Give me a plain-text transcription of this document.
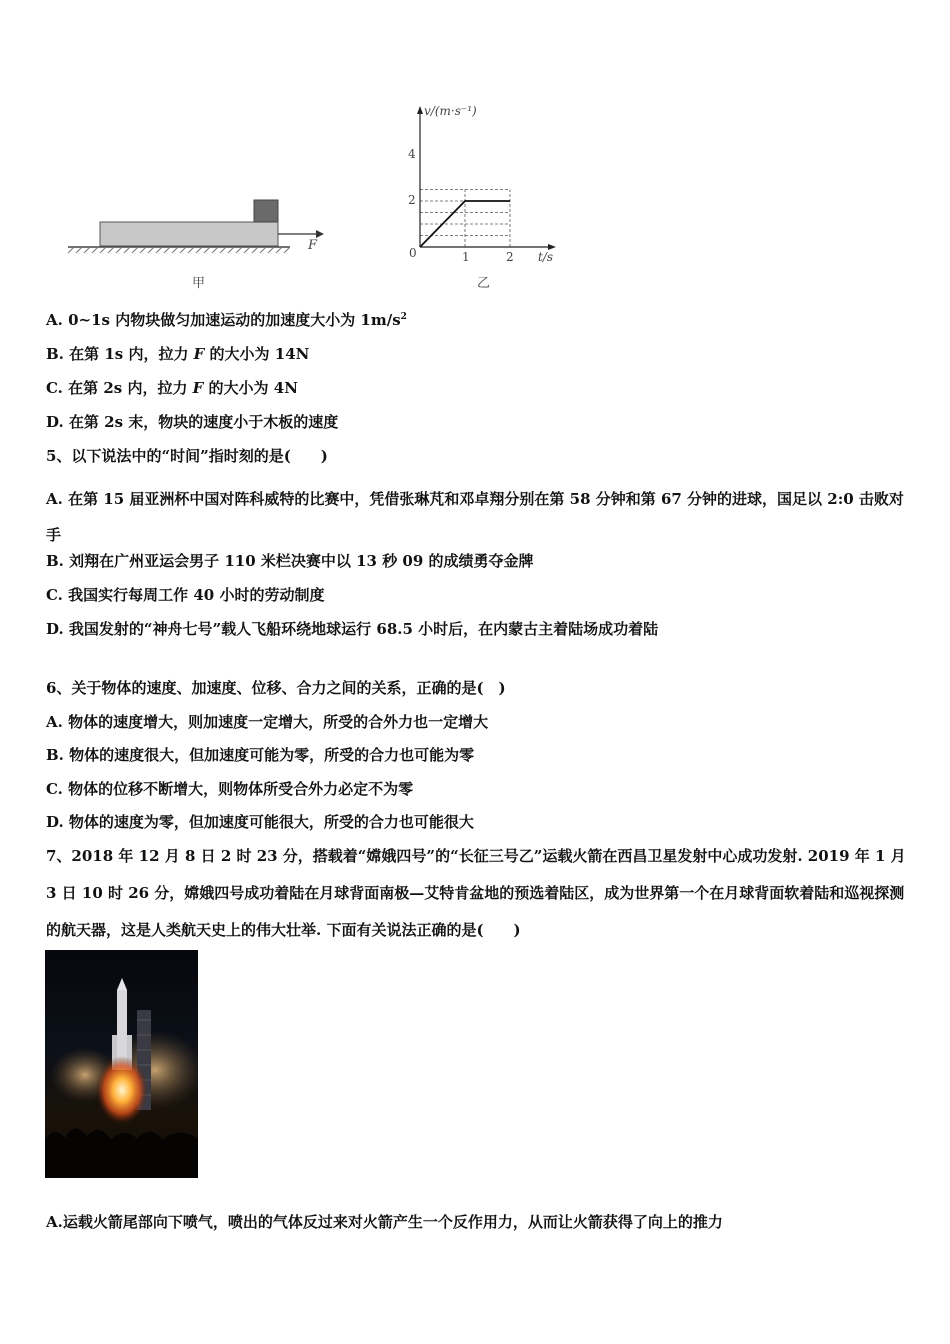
F
甲
v/(m·s⁻¹)
t/s
0
2
4
1	2
乙
A. 0~1s 内物块做匀加速运动的加速度大小为 $1m/s^2$
B. 在第 1s 内，拉力 F 的大小为 14N
C. 在第 2s 内，拉力 F 的大小为 4N
D. 在第 2s 末，物块的速度小于木板的速度
5、以下说法中的“时间”指时刻的是(　　)
A. 在第 15 届亚洲杯中国对阵科威特的比赛中，凭借张琳芃和邓卓翔分别在第 58 分钟和第 67 分钟的进球，国足以 2:0 击败对手
B. 刘翔在广州亚运会男子 110 米栏决赛中以 13 秒 09 的成绩勇夺金牌
C. 我国实行每周工作 40 小时的劳动制度
D. 我国发射的“神舟七号”载人飞船环绕地球运行 68.5 小时后，在内蒙古主着陆场成功着陆
6、关于物体的速度、加速度、位移、合力之间的关系，正确的是(　)
A. 物体的速度增大，则加速度一定增大，所受的合外力也一定增大
B. 物体的速度很大，但加速度可能为零，所受的合力也可能为零
C. 物体的位移不断增大，则物体所受合外力必定不为零
D. 物体的速度为零，但加速度可能很大，所受的合力也可能很大
7、2018 年 12 月 8 日 2 时 23 分，搭载着“嫦娥四号”的“长征三号乙”运载火箭在西昌卫星发射中心成功发射. 2019 年 1 月 3 日 10 时 26 分，嫦娥四号成功着陆在月球背面南极—艾特肯盆地的预选着陆区，成为世界第一个在月球背面软着陆和巡视探测的航天器，这是人类航天史上的伟大壮举. 下面有关说法正确的是(　　)
A.运载火箭尾部向下喷气，喷出的气体反过来对火箭产生一个反作用力，从而让火箭获得了向上的推力
